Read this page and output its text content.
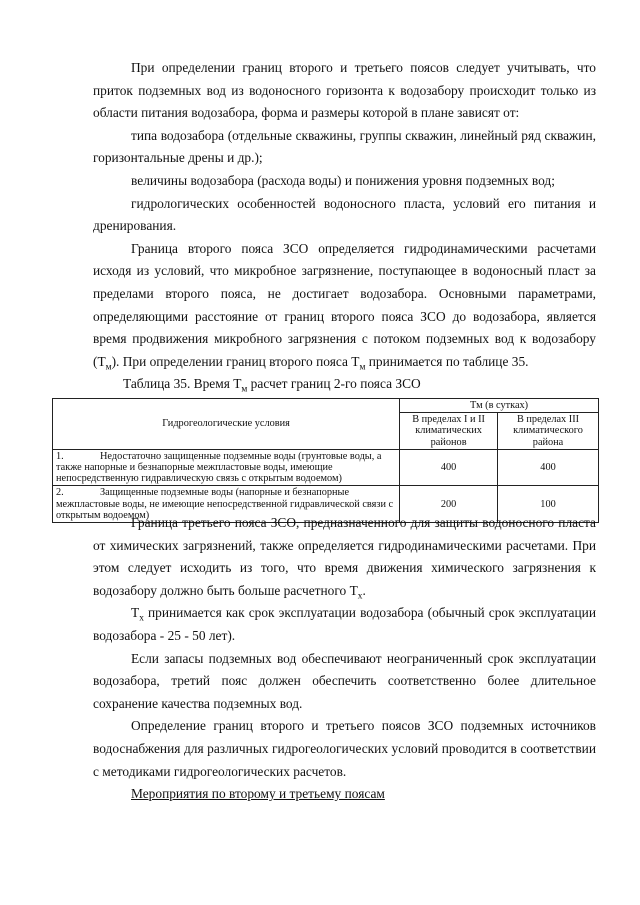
При определении границ второго и третьего поясов следует учитывать, что приток подземных вод из водоносного горизонта к водозабору происходит только из области питания водозабора, форма и размеры которой в плане зависят от:

типа водозабора (отдельные скважины, группы скважин, линейный ряд скважин, горизонтальные дрены и др.);

величины водозабора (расхода воды) и понижения уровня подземных вод;

гидрологических особенностей водоносного пласта, условий его питания и дренирования.

Граница второго пояса ЗСО определяется гидродинамическими расчетами исходя из условий, что микробное загрязнение, поступающее в водоносный пласт за пределами второго пояса, не достигает водозабора. Основными параметрами, определяющими расстояние от границ второго пояса ЗСО до водозабора, является время продвижения микробного загрязнения с потоком подземных вод к водозабору $(Т_м)$. При определении границ второго пояса $Т_м$ принимается по таблице 35.

Таблица 35. Время $Т_м$ расчет границ 2-го пояса ЗСО

Гидрогеологические условия	Тм (в сутках)	
	В пределах I и II климатических районов	В пределах III климатического района
1. Недостаточно защищенные подземные воды (грунтовые воды, а также напорные и безнапорные межпластовые воды, имеющие непосредственную гидравлическую связь с открытым водоемом)	400	400
2. Защищенные подземные воды (напорные и безнапорные межпластовые воды, не имеющие непосредственной гидравлической связи с открытым водоемом)	200	100

Граница третьего пояса ЗСО, предназначенного для защиты водоносного пласта от химических загрязнений, также определяется гидродинамическими расчетами. При этом следует исходить из того, что время движения химического загрязнения к водозабору должно быть больше расчетного $Т_х$.

$Т_х$ принимается как срок эксплуатации водозабора (обычный срок эксплуатации водозабора - 25 - 50 лет).

Если запасы подземных вод обеспечивают неограниченный срок эксплуатации водозабора, третий пояс должен обеспечить соответственно более длительное сохранение качества подземных вод.

Определение границ второго и третьего поясов ЗСО подземных источников водоснабжения для различных гидрогеологических условий проводится в соответствии с методиками гидрогеологических расчетов.

Мероприятия по второму и третьему поясам
